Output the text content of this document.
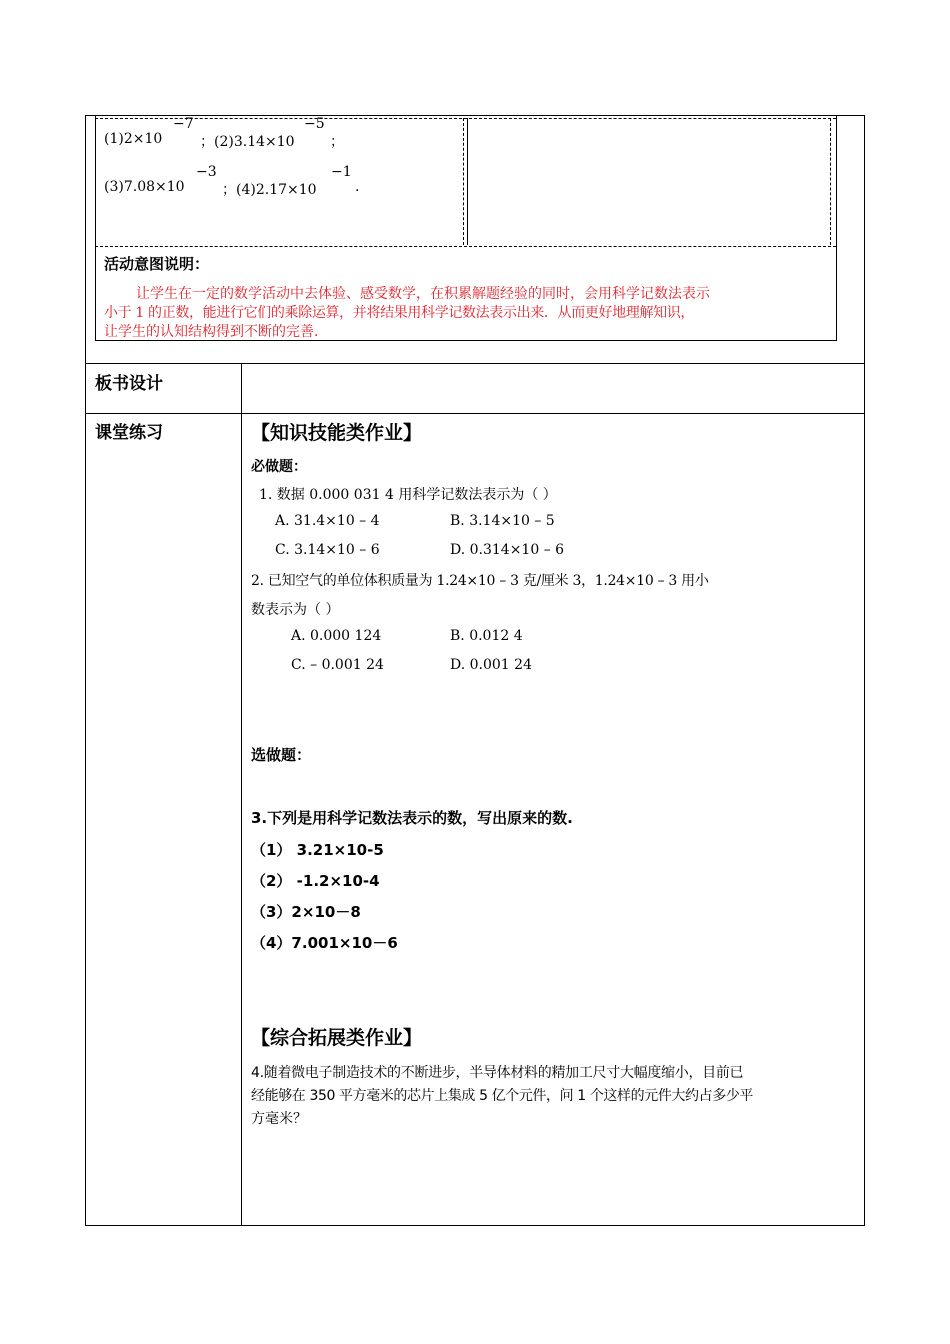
(1)2×10
−7
；(2)3.14×10
−5
；
(3)7.08×10
−3
；(4)2.17×10
−1
.
活动意图说明：
让学生在一定的数学活动中去体验、感受数学，在积累解题经验的同时，会用科学记数法表示
小于 1 的正数，能进行它们的乘除运算，并将结果用科学记数法表示出来．从而更好地理解知识，
让学生的认知结构得到不断的完善．
板书设计
课堂练习	【知识技能类作业】
必做题：
1. 数据 0.000 031 4 用科学记数法表示为（ ）
A. 31.4×10 – 4	B. 3.14×10 – 5
C. 3.14×10 – 6	D. 0.314×10 – 6
2. 已知空气的单位体积质量为 1.24×10 – 3 克/厘米 3，1.24×10 – 3 用小
数表示为（ ）
A. 0.000 124	B. 0.012 4
C. – 0.001 24	D. 0.001 24
选做题：
3.下列是用科学记数法表示的数，写出原来的数.
（1） 3.21×10-5
（2） -1.2×10-4
（3）2×10－8
（4）7.001×10－6
【综合拓展类作业】
4.随着微电子制造技术的不断进步，半导体材料的精加工尺寸大幅度缩小，目前已
经能够在 350 平方毫米的芯片上集成 5 亿个元件，问 1 个这样的元件大约占多少平
方毫米？
